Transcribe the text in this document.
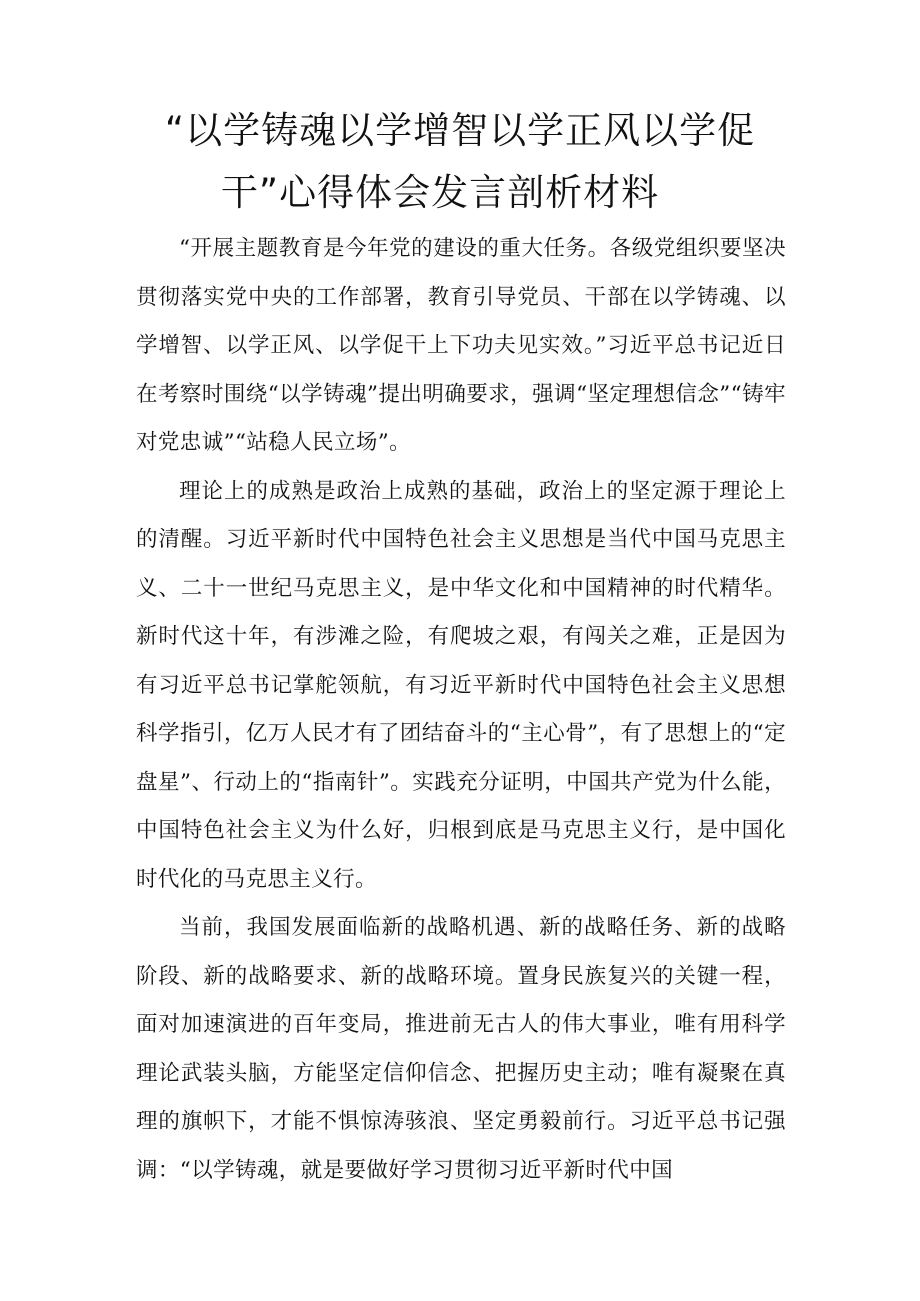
“以学铸魂以学增智以学正风以学促
干”心得体会发言剖析材料

“开展主题教育是今年党的建设的重大任务。各级党组织要坚决贯彻落实党中央的工作部署，教育引导党员、干部在以学铸魂、以学增智、以学正风、以学促干上下功夫见实效。”习近平总书记近日在考察时围绕“以学铸魂”提出明确要求，强调“坚定理想信念”“铸牢对党忠诚”“站稳人民立场”。

理论上的成熟是政治上成熟的基础，政治上的坚定源于理论上的清醒。习近平新时代中国特色社会主义思想是当代中国马克思主义、二十一世纪马克思主义，是中华文化和中国精神的时代精华。新时代这十年，有涉滩之险，有爬坡之艰，有闯关之难，正是因为有习近平总书记掌舵领航，有习近平新时代中国特色社会主义思想科学指引，亿万人民才有了团结奋斗的“主心骨”，有了思想上的“定盘星”、行动上的“指南针”。实践充分证明，中国共产党为什么能，中国特色社会主义为什么好，归根到底是马克思主义行，是中国化时代化的马克思主义行。

当前，我国发展面临新的战略机遇、新的战略任务、新的战略阶段、新的战略要求、新的战略环境。置身民族复兴的关键一程，面对加速演进的百年变局，推进前无古人的伟大事业，唯有用科学理论武装头脑，方能坚定信仰信念、把握历史主动；唯有凝聚在真理的旗帜下，才能不惧惊涛骇浪、坚定勇毅前行。习近平总书记强调：“以学铸魂，就是要做好学习贯彻习近平新时代中国
